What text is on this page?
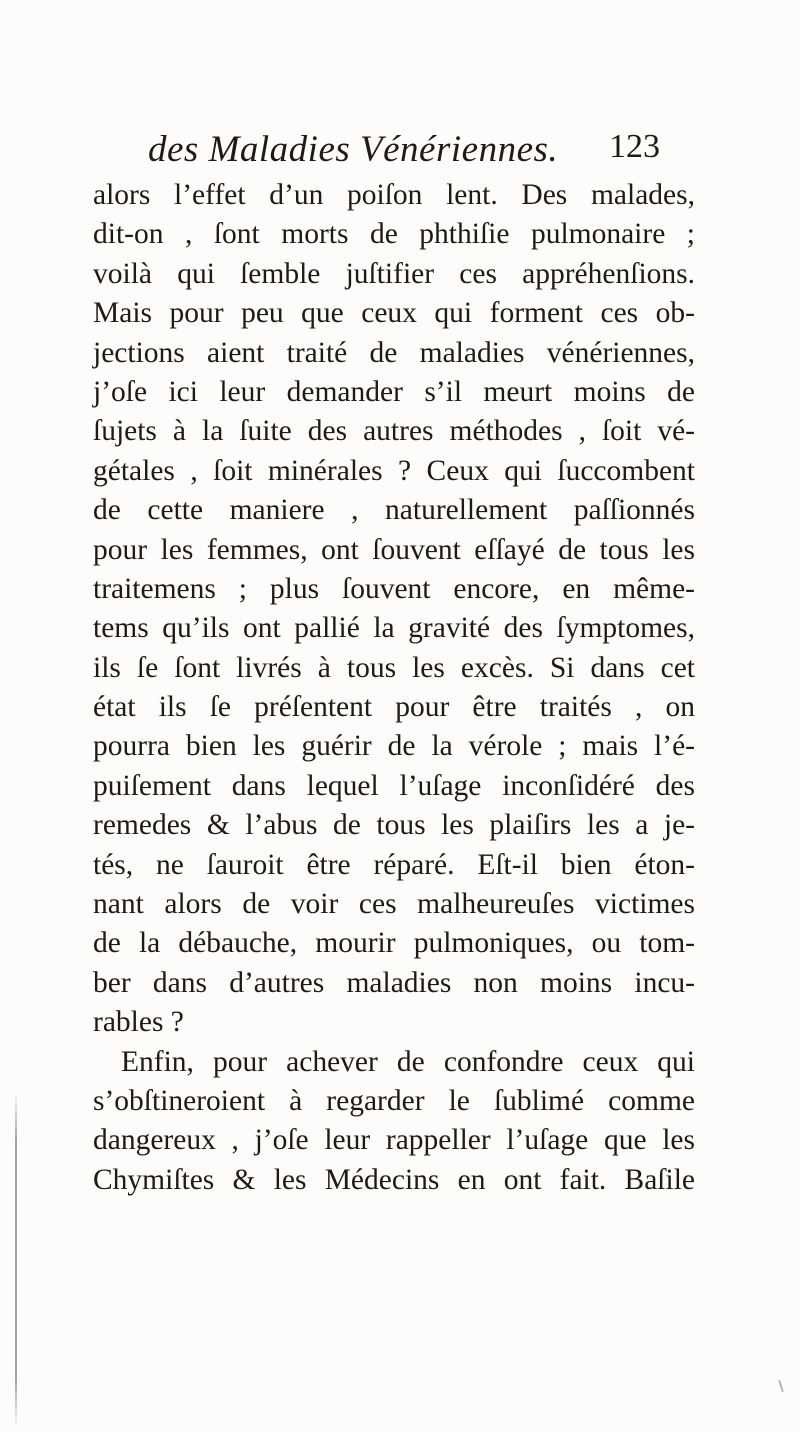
des Maladies Vénériennes. 123
alors l’effet d’un poiſon lent. Des malades,
dit-on , ſont morts de phthiſie pulmonaire ;
voilà qui ſemble juſtifier ces appréhenſions.
Mais pour peu que ceux qui forment ces ob-
jections aient traité de maladies vénériennes,
j’oſe ici leur demander s’il meurt moins de
ſujets à la ſuite des autres méthodes , ſoit vé-
gétales , ſoit minérales ? Ceux qui ſuccombent
de cette maniere , naturellement paſſionnés
pour les femmes, ont ſouvent eſſayé de tous les
traitemens ; plus ſouvent encore, en même-
tems qu’ils ont pallié la gravité des ſymptomes,
ils ſe ſont livrés à tous les excès. Si dans cet
état ils ſe préſentent pour être traités , on
pourra bien les guérir de la vérole ; mais l’é-
puiſement dans lequel l’uſage inconſidéré des
remedes & l’abus de tous les plaiſirs les a je-
tés, ne ſauroit être réparé. Eſt-il bien éton-
nant alors de voir ces malheureuſes victimes
de la débauche, mourir pulmoniques, ou tom-
ber dans d’autres maladies non moins incu-
rables ?
Enfin, pour achever de confondre ceux qui
s’obſtineroient à regarder le ſublimé comme
dangereux , j’oſe leur rappeller l’uſage que les
Chymiſtes & les Médecins en ont fait. Baſile
